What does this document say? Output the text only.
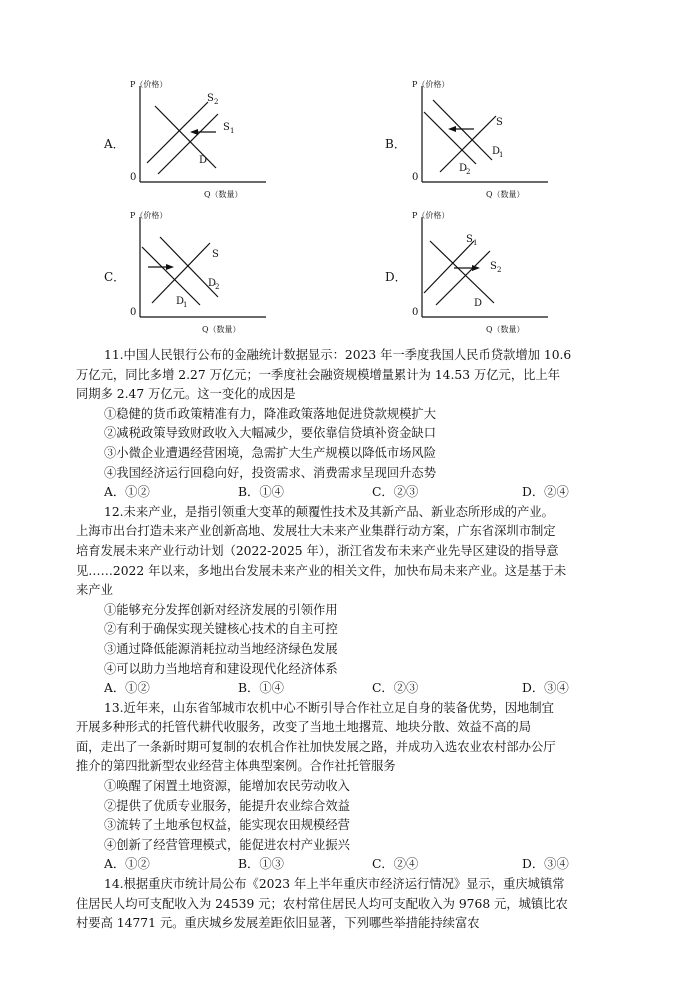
A．
P（价格）
0
Q（数量）
S 2
S 1
D
B．
P（价格）
0
Q（数量）
S
D
1
D
2
C．
P（价格）
0
Q（数量）
S
D
2
D
1
D．
P（价格）
0
Q（数量）
S 1
S 2
D
11.中国人民银行公布的金融统计数据显示：2023 年一季度我国人民币贷款增加 10.6
万亿元，同比多增 2.27 万亿元；一季度社会融资规模增量累计为 14.53 万亿元，比上年
同期多 2.47 万亿元。这一变化的成因是
①稳健的货币政策精准有力，降准政策落地促进贷款规模扩大
②减税政策导致财政收入大幅减少，要依靠信贷填补资金缺口
③小微企业遭遇经营困境，急需扩大生产规模以降低市场风险
④我国经济运行回稳向好，投资需求、消费需求呈现回升态势
A．①②	B．①④	C．②③	D．②④
12.未来产业，是指引领重大变革的颠覆性技术及其新产品、新业态所形成的产业。
上海市出台打造未来产业创新高地、发展壮大未来产业集群行动方案，广东省深圳市制定
培育发展未来产业行动计划（2022-2025 年），浙江省发布未来产业先导区建设的指导意
见……2022 年以来，多地出台发展未来产业的相关文件，加快布局未来产业。这是基于未
来产业
①能够充分发挥创新对经济发展的引领作用
②有利于确保实现关键核心技术的自主可控
③通过降低能源消耗拉动当地经济绿色发展
④可以助力当地培育和建设现代化经济体系
A．①②	B．①④	C．②③	D．③④
13.近年来，山东省邹城市农机中心不断引导合作社立足自身的装备优势，因地制宜
开展多种形式的托管代耕代收服务，改变了当地土地撂荒、地块分散、效益不高的局
面，走出了一条新时期可复制的农机合作社加快发展之路，并成功入选农业农村部办公厅
推介的第四批新型农业经营主体典型案例。合作社托管服务
①唤醒了闲置土地资源，能增加农民劳动收入
②提供了优质专业服务，能提升农业综合效益
③流转了土地承包权益，能实现农田规模经营
④创新了经营管理模式，能促进农村产业振兴
A．①②	B．①③	C．②④	D．③④
14.根据重庆市统计局公布《2023 年上半年重庆市经济运行情况》显示，重庆城镇常
住居民人均可支配收入为 24539 元；农村常住居民人均可支配收入为 9768 元，城镇比农
村要高 14771 元。重庆城乡发展差距依旧显著，下列哪些举措能持续富农
